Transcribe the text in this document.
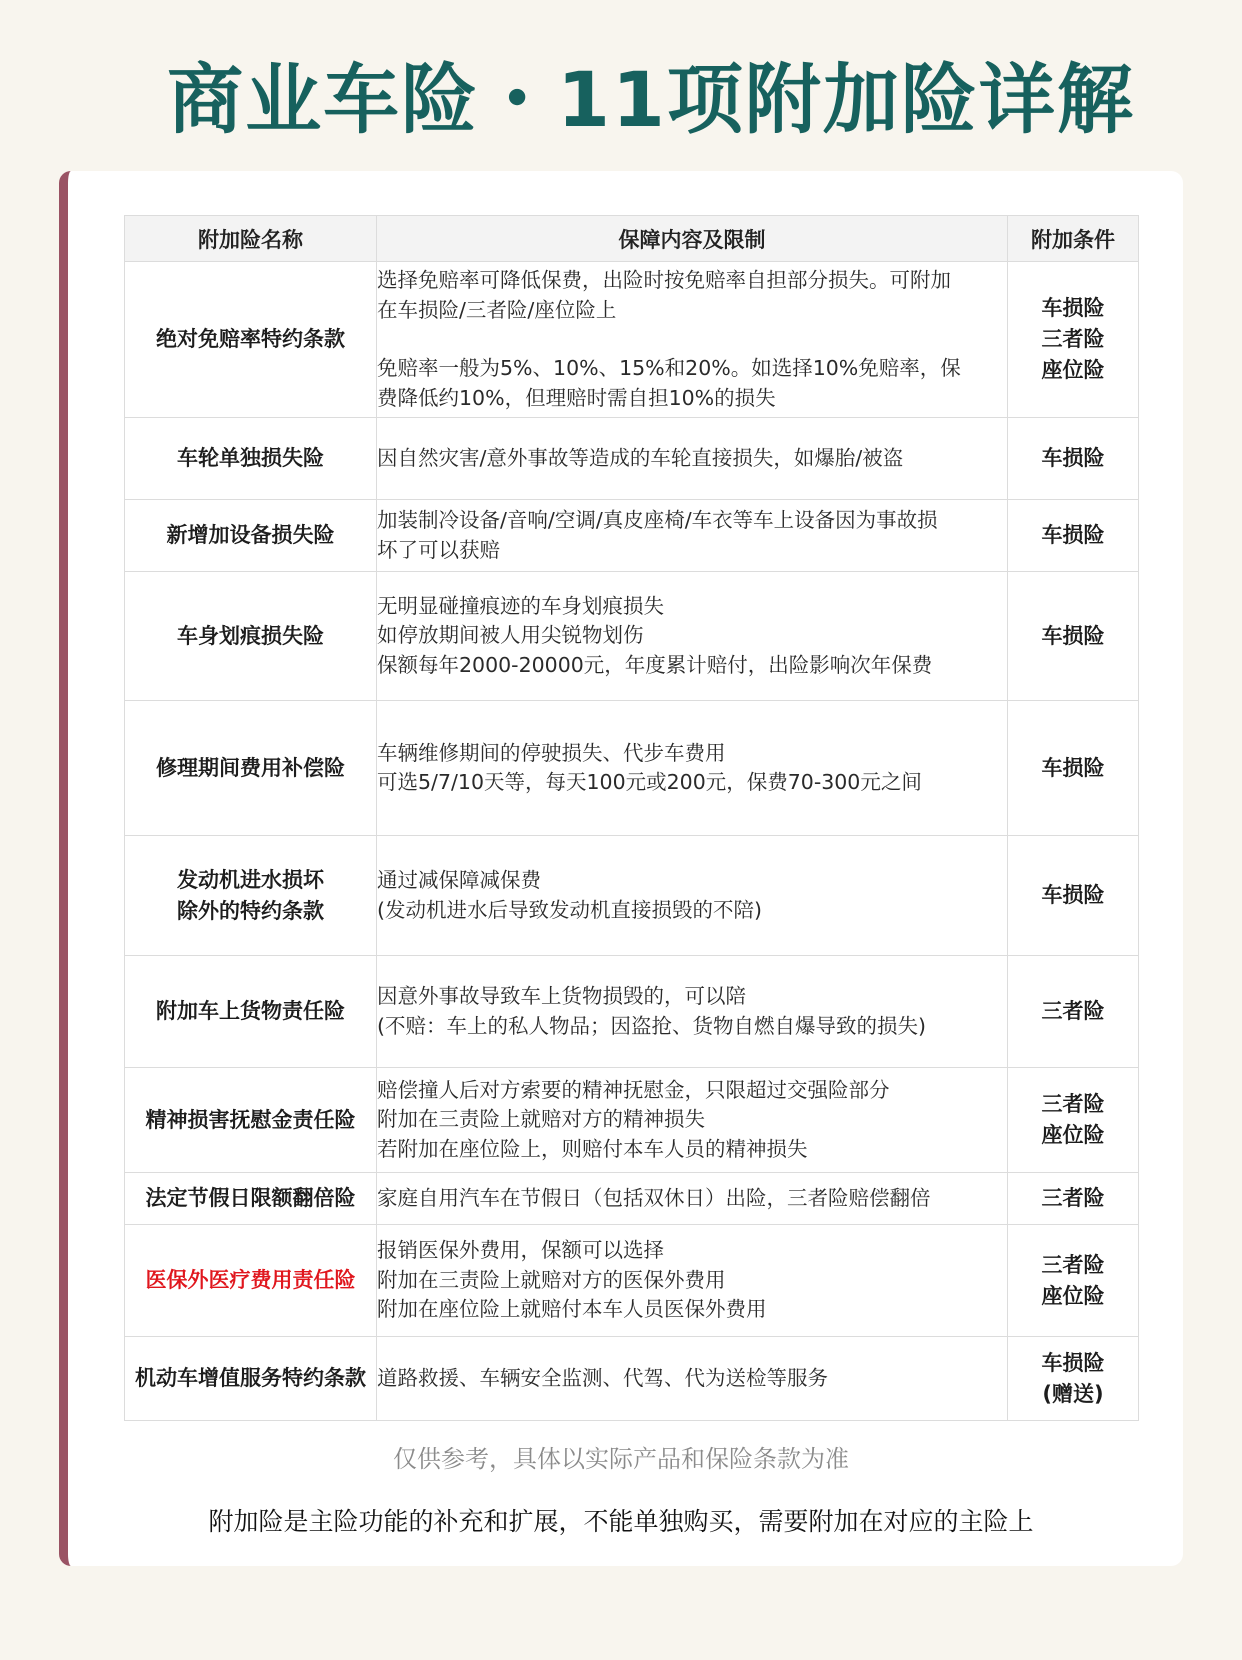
商业车险・11项附加险详解
附加险名称	保障内容及限制	附加条件

绝对免赔率特约条款	选择免赔率可降低保费，出险时按免赔率自担部分损失。可附加
在车损险/三者险/座位险上
免赔率一般为5%、10%、15%和20%。如选择10%免赔率，保
费降低约10%，但理赔时需自担10%的损失	车损险
三者险
座位险

车轮单独损失险	因自然灾害/意外事故等造成的车轮直接损失，如爆胎/被盗	车损险

新增加设备损失险	加装制冷设备/音响/空调/真皮座椅/车衣等车上设备因为事故损
坏了可以获赔	车损险

车身划痕损失险	无明显碰撞痕迹的车身划痕损失
如停放期间被人用尖锐物划伤
保额每年2000-20000元，年度累计赔付，出险影响次年保费	车损险

修理期间费用补偿险	车辆维修期间的停驶损失、代步车费用
可选5/7/10天等，每天100元或200元，保费70-300元之间	车损险

发动机进水损坏
除外的特约条款	通过减保障减保费
(发动机进水后导致发动机直接损毁的不陪)	车损险

附加车上货物责任险	因意外事故导致车上货物损毁的，可以陪
(不赔：车上的私人物品；因盗抢、货物自燃自爆导致的损失)	三者险

精神损害抚慰金责任险	赔偿撞人后对方索要的精神抚慰金，只限超过交强险部分
附加在三责险上就赔对方的精神损失
若附加在座位险上，则赔付本车人员的精神损失	三者险
座位险

法定节假日限额翻倍险	家庭自用汽车在节假日（包括双休日）出险，三者险赔偿翻倍	三者险

医保外医疗费用责任险	报销医保外费用，保额可以选择
附加在三责险上就赔对方的医保外费用
附加在座位险上就赔付本车人员医保外费用	三者险
座位险

机动车增值服务特约条款	道路救援、车辆安全监测、代驾、代为送检等服务	车损险
(赠送)
仅供参考，具体以实际产品和保险条款为准
附加险是主险功能的补充和扩展，不能单独购买，需要附加在对应的主险上
